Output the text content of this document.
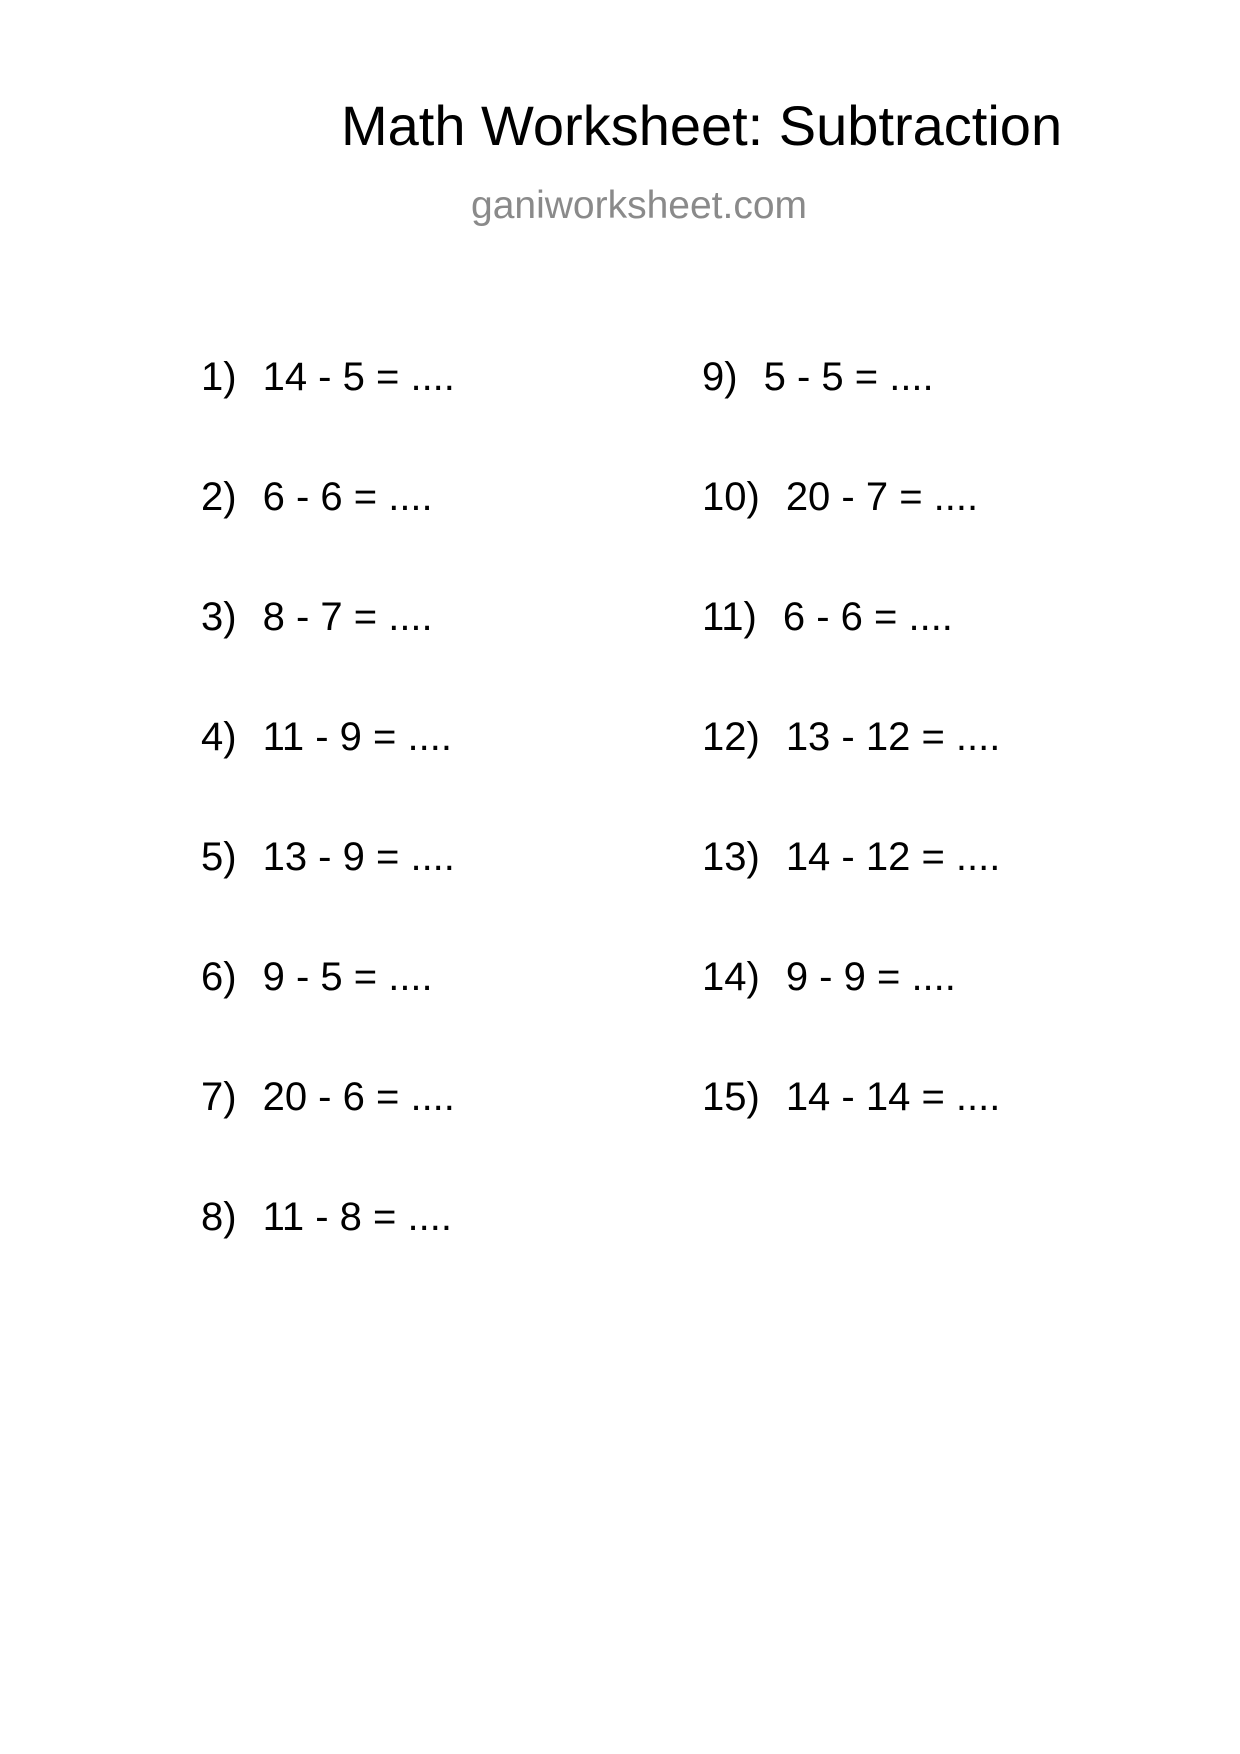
Math Worksheet: Subtraction
ganiworksheet.com
1) 14 - 5 = ....
2) 6 - 6 = ....
3) 8 - 7 = ....
4) 11 - 9 = ....
5) 13 - 9 = ....
6) 9 - 5 = ....
7) 20 - 6 = ....
8) 11 - 8 = ....
9) 5 - 5 = ....
10) 20 - 7 = ....
11) 6 - 6 = ....
12) 13 - 12 = ....
13) 14 - 12 = ....
14) 9 - 9 = ....
15) 14 - 14 = ....
